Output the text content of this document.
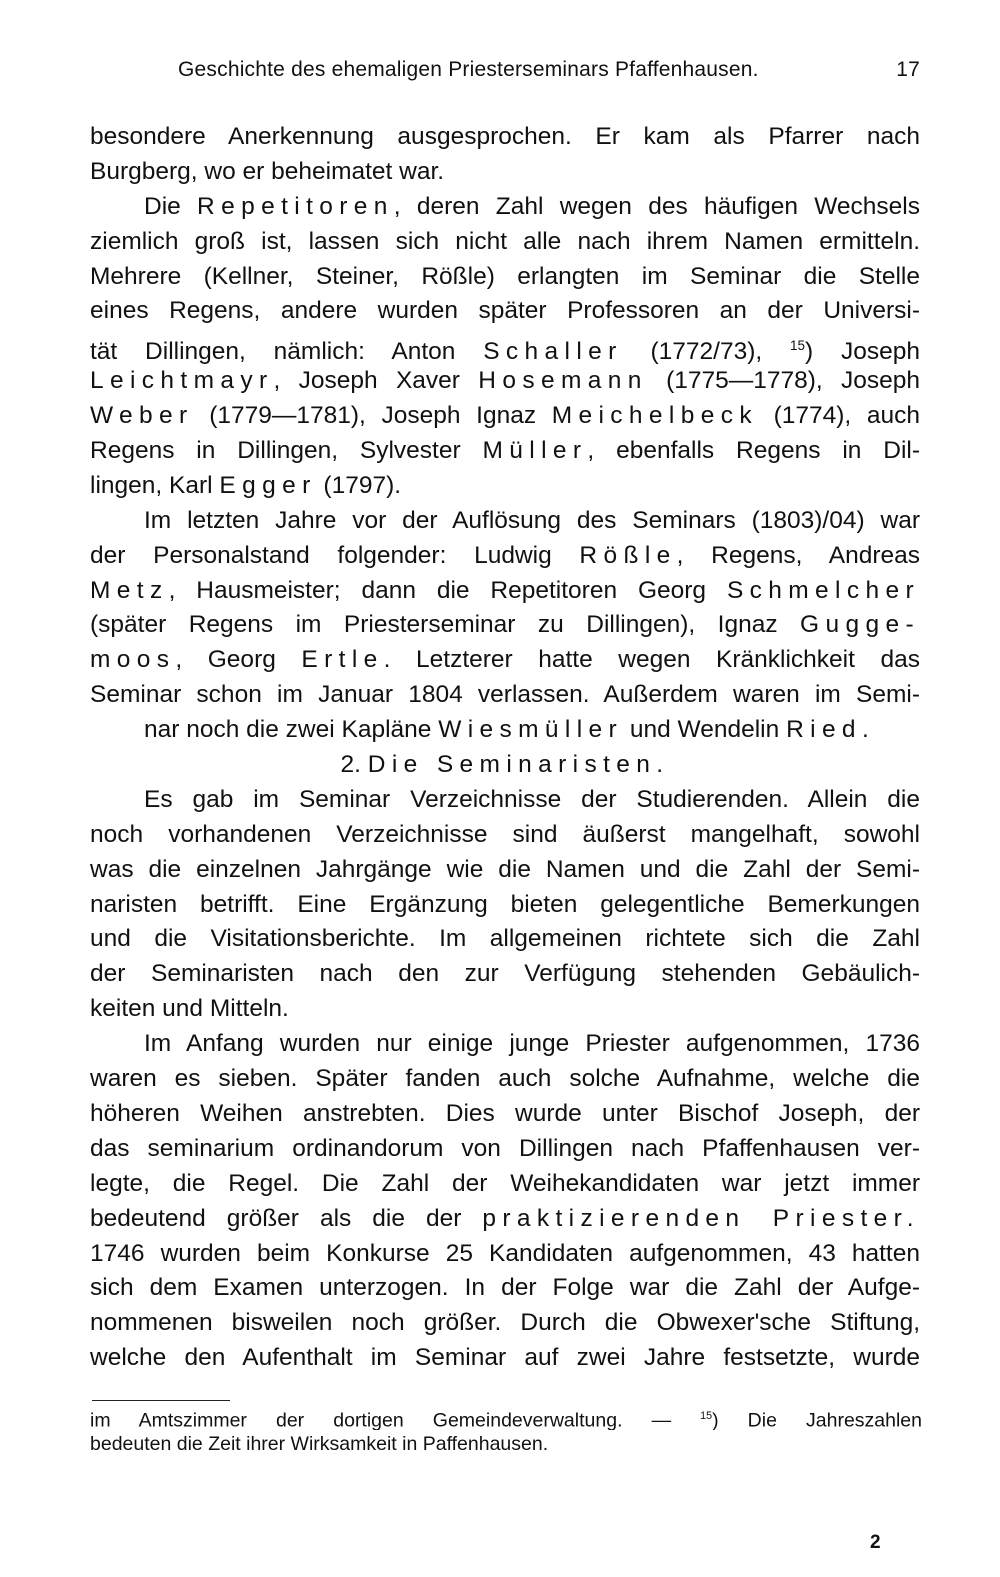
Geschichte des ehemaligen Priesterseminars Pfaffenhausen.	17
besondere Anerkennung ausgesprochen. Er kam als Pfarrer nach
Burgberg, wo er beheimatet war.
Die Repetitoren, deren Zahl wegen des häufigen Wechsels
ziemlich groß ist, lassen sich nicht alle nach ihrem Namen ermitteln.
Mehrere (Kellner, Steiner, Rößle) erlangten im Seminar die Stelle
eines Regens, andere wurden später Professoren an der Universi-
tät Dillingen, nämlich: Anton Schaller (1772/73), $^{15}$) Joseph
Leichtmayr, Joseph Xaver Hosemann (1775—1778), Joseph
Weber (1779—1781), Joseph Ignaz Meichelbeck (1774), auch
Regens in Dillingen, Sylvester Müller, ebenfalls Regens in Dil-
lingen, Karl Egger (1797).
Im letzten Jahre vor der Auflösung des Seminars (1803)/04) war
der Personalstand folgender: Ludwig Rößle, Regens, Andreas
Metz, Hausmeister; dann die Repetitoren Georg Schmelcher
(später Regens im Priesterseminar zu Dillingen), Ignaz Gugge-
moos, Georg Ertle. Letzterer hatte wegen Kränklichkeit das
Seminar schon im Januar 1804 verlassen. Außerdem waren im Semi-
nar noch die zwei Kapläne Wiesmüller und Wendelin Ried.
2. Die Seminaristen.
Es gab im Seminar Verzeichnisse der Studierenden. Allein die
noch vorhandenen Verzeichnisse sind äußerst mangelhaft, sowohl
was die einzelnen Jahrgänge wie die Namen und die Zahl der Semi-
naristen betrifft. Eine Ergänzung bieten gelegentliche Bemerkungen
und die Visitationsberichte. Im allgemeinen richtete sich die Zahl
der Seminaristen nach den zur Verfügung stehenden Gebäulich-
keiten und Mitteln.
Im Anfang wurden nur einige junge Priester aufgenommen, 1736
waren es sieben. Später fanden auch solche Aufnahme, welche die
höheren Weihen anstrebten. Dies wurde unter Bischof Joseph, der
das seminarium ordinandorum von Dillingen nach Pfaffenhausen ver-
legte, die Regel. Die Zahl der Weihekandidaten war jetzt immer
bedeutend größer als die der praktizierenden Priester.
1746 wurden beim Konkurse 25 Kandidaten aufgenommen, 43 hatten
sich dem Examen unterzogen. In der Folge war die Zahl der Aufge-
nommenen bisweilen noch größer. Durch die Obwexer'sche Stiftung,
welche den Aufenthalt im Seminar auf zwei Jahre festsetzte, wurde
im Amtszimmer der dortigen Gemeindeverwaltung. — $^{15}$) Die Jahreszahlen
bedeuten die Zeit ihrer Wirksamkeit in Paffenhausen.
2
